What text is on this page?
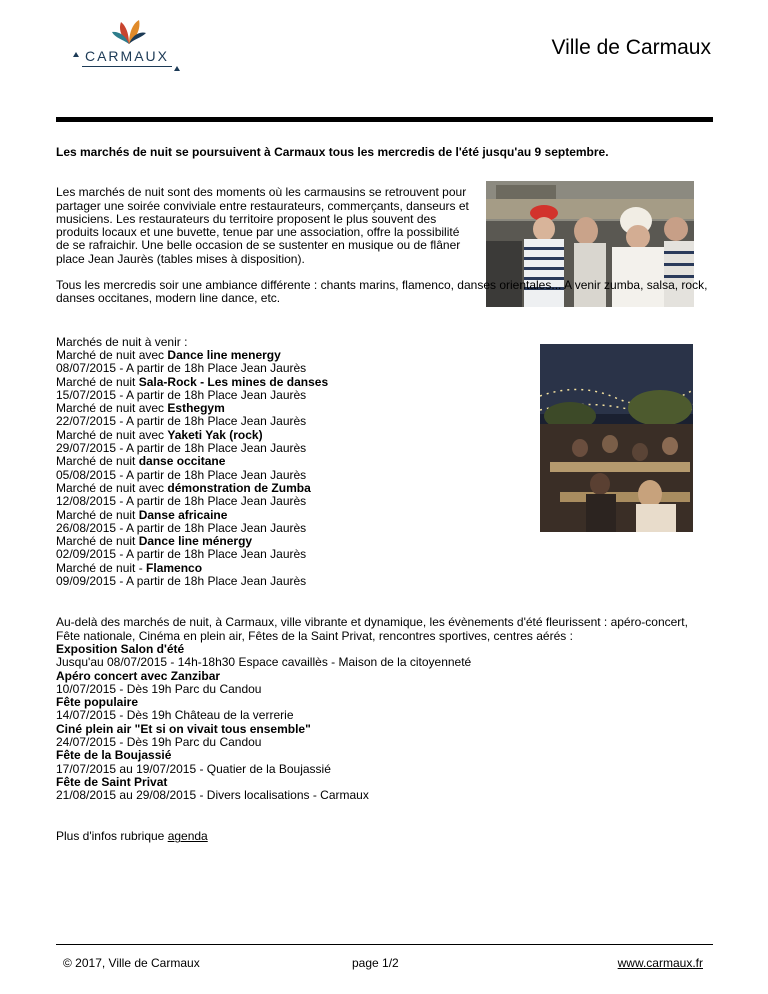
CARMAUX	Ville de Carmaux

Les marchés de nuit se poursuivent à Carmaux tous les mercredis de l'été jusqu'au 9 septembre.

Les marchés de nuit sont des moments où les carmausins se retrouvent pour partager une soirée conviviale entre restaurateurs, commerçants, danseurs et musiciens. Les restaurateurs du territoire proposent le plus souvent des produits locaux et une buvette, tenue par une association, offre la possibilité de se rafraichir. Une belle occasion de se sustenter en musique ou de flâner place Jean Jaurès (tables mises à disposition).

Tous les mercredis soir une ambiance différente : chants marins, flamenco, danses orientales... A venir zumba, salsa, rock, danses occitanes, modern line dance, etc.

Marchés de nuit à venir :

Marché de nuit avec Dance line menergy

08/07/2015 - A partir de 18h Place Jean Jaurès

Marché de nuit Sala-Rock - Les mines de danses

15/07/2015 - A partir de 18h Place Jean Jaurès

Marché de nuit avec Esthegym

22/07/2015 - A partir de 18h Place Jean Jaurès

Marché de nuit avec Yaketi Yak (rock)

29/07/2015 - A partir de 18h Place Jean Jaurès

Marché de nuit danse occitane

05/08/2015 - A partir de 18h Place Jean Jaurès

Marché de nuit avec démonstration de Zumba

12/08/2015 - A partir de 18h Place Jean Jaurès

Marché de nuit Danse africaine

26/08/2015 - A partir de 18h Place Jean Jaurès

Marché de nuit Dance line ménergy

02/09/2015 - A partir de 18h Place Jean Jaurès

Marché de nuit - Flamenco

09/09/2015 - A partir de 18h Place Jean Jaurès

Au-delà des marchés de nuit, à Carmaux, ville vibrante et dynamique, les évènements d'été fleurissent : apéro-concert, Fête nationale, Cinéma en plein air, Fêtes de la Saint Privat, rencontres sportives, centres aérés :

Exposition Salon d'été

Jusqu'au 08/07/2015 - 14h-18h30 Espace cavaillès - Maison de la citoyenneté

Apéro concert avec Zanzibar

10/07/2015 - Dès 19h Parc du Candou

Fête populaire

14/07/2015 - Dès 19h Château de la verrerie

Ciné plein air "Et si on vivait tous ensemble"

24/07/2015 - Dès 19h Parc du Candou

Fête de la Boujassié

17/07/2015 au 19/07/2015 - Quatier de la Boujassié

Fête de Saint Privat

21/08/2015 au 29/08/2015 - Divers localisations - Carmaux

Plus d'infos rubrique agenda

© 2017, Ville de Carmaux	page 1/2	www.carmaux.fr
